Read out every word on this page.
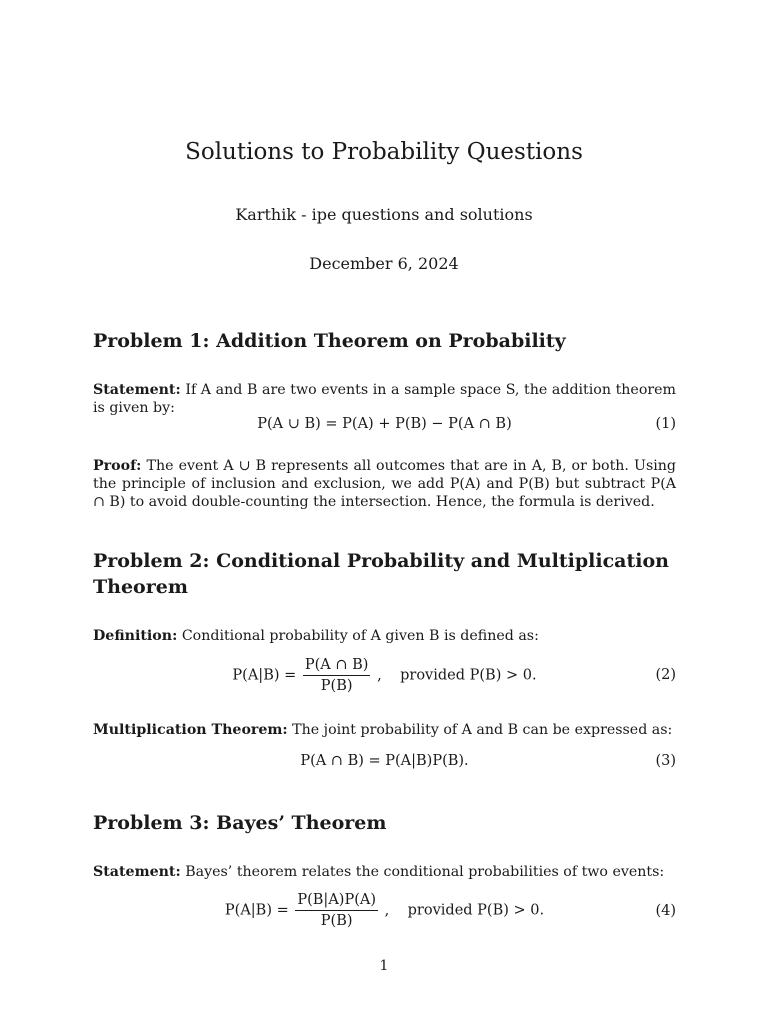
Solutions to Probability Questions
Karthik - ipe questions and solutions
December 6, 2024
Problem 1: Addition Theorem on Probability
Statement: If A and B are two events in a sample space S, the addition theorem is given by:
P(A ∪ B) = P(A) + P(B) − P(A ∩ B)	(1)
Proof: The event A ∪ B represents all outcomes that are in A, B, or both. Using the principle of inclusion and exclusion, we add P(A) and P(B) but subtract P(A ∩ B) to avoid double-counting the intersection. Hence, the formula is derived.
Problem 2: Conditional Probability and Multiplication Theorem
Definition: Conditional probability of A given B is defined as:
$P(A|B) = \frac{P(A \cap B)}{P(B)}$ ,    provided P(B) > 0.	(2)
Multiplication Theorem: The joint probability of A and B can be expressed as:
P(A ∩ B) = P(A|B)P(B).	(3)
Problem 3: Bayes’ Theorem
Statement: Bayes’ theorem relates the conditional probabilities of two events:
$P(A|B) = \frac{P(B|A)P(A)}{P(B)}$ ,    provided P(B) > 0.	(4)
1
